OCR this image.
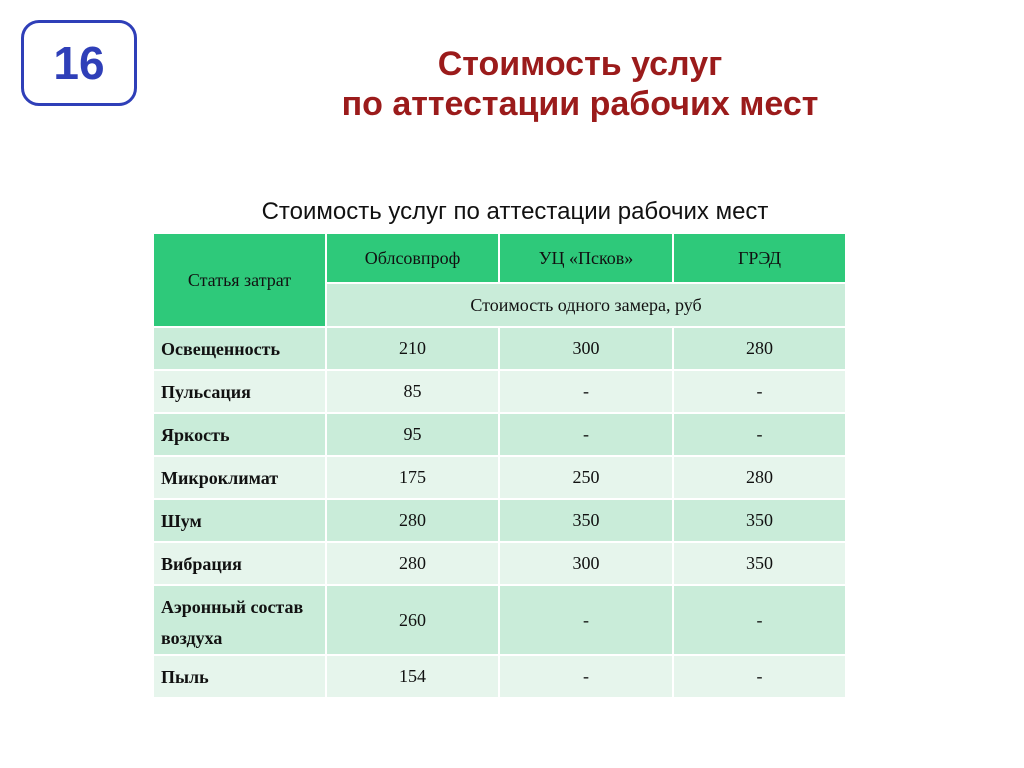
16	Стоимость услуг
по аттестации рабочих мест
Стоимость услуг по аттестации рабочих мест
Статья затрат	Облсовпроф	УЦ «Псков»	ГРЭД
	Стоимость одного замера, руб		
Освещенность	210	300	280
Пульсация	85	-	-
Яркость	95	-	-
Микроклимат	175	250	280
Шум	280	350	350
Вибрация	280	300	350
Аэронный состав воздуха	260	-	-
Пыль	154	-	-
